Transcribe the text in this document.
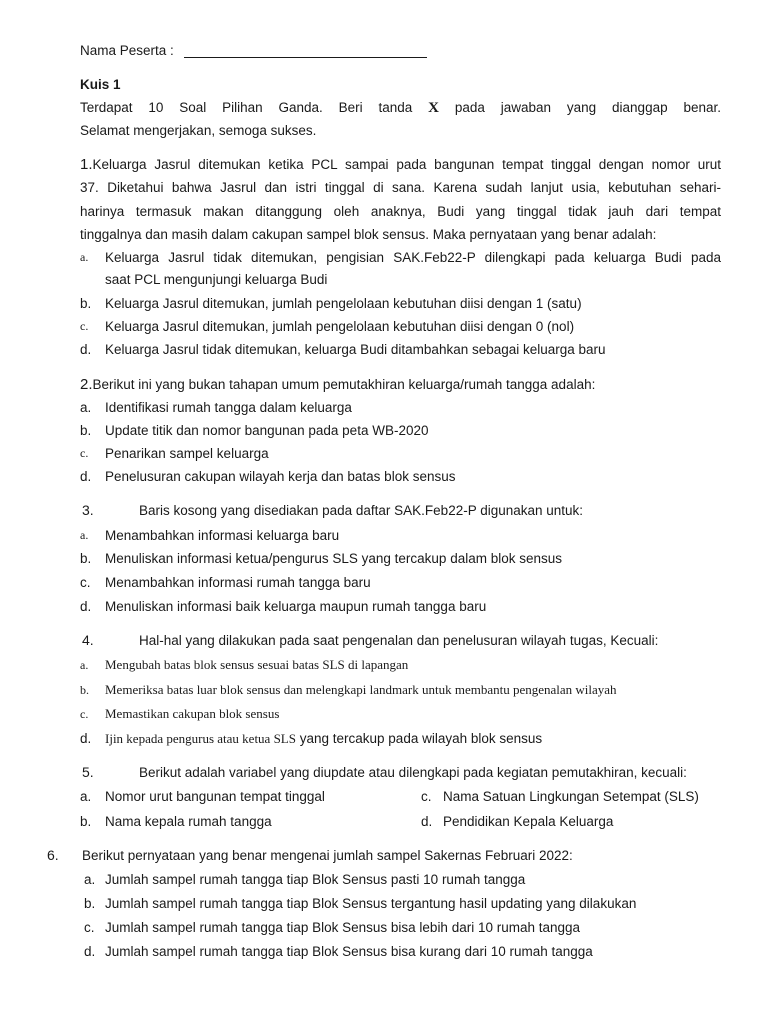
Nama Peserta :
Kuis 1
Terdapat 10 Soal Pilihan Ganda. Beri tanda X pada jawaban yang dianggap benar.
Selamat mengerjakan, semoga sukses.
1.Keluarga Jasrul ditemukan ketika PCL sampai pada bangunan tempat tinggal dengan nomor urut
37. Diketahui bahwa Jasrul dan istri tinggal di sana. Karena sudah lanjut usia, kebutuhan sehari-
harinya termasuk makan ditanggung oleh anaknya, Budi yang tinggal tidak jauh dari tempat
tinggalnya dan masih dalam cakupan sampel blok sensus. Maka pernyataan yang benar adalah:
a. Keluarga Jasrul tidak ditemukan, pengisian SAK.Feb22-P dilengkapi pada keluarga Budi pada
saat PCL mengunjungi keluarga Budi
b. Keluarga Jasrul ditemukan, jumlah pengelolaan kebutuhan diisi dengan 1 (satu)
c. Keluarga Jasrul ditemukan, jumlah pengelolaan kebutuhan diisi dengan 0 (nol)
d. Keluarga Jasrul tidak ditemukan, keluarga Budi ditambahkan sebagai keluarga baru
2.Berikut ini yang bukan tahapan umum pemutakhiran keluarga/rumah tangga adalah:
a. Identifikasi rumah tangga dalam keluarga
b. Update titik dan nomor bangunan pada peta WB-2020
c. Penarikan sampel keluarga
d. Penelusuran cakupan wilayah kerja dan batas blok sensus
3.	Baris kosong yang disediakan pada daftar SAK.Feb22-P digunakan untuk:
a. Menambahkan informasi keluarga baru
b. Menuliskan informasi ketua/pengurus SLS yang tercakup dalam blok sensus
c. Menambahkan informasi rumah tangga baru
d. Menuliskan informasi baik keluarga maupun rumah tangga baru
4.	Hal-hal yang dilakukan pada saat pengenalan dan penelusuran wilayah tugas, Kecuali:
a. Mengubah batas blok sensus sesuai batas SLS di lapangan
b. Memeriksa batas luar blok sensus dan melengkapi landmark untuk membantu pengenalan wilayah
c. Memastikan cakupan blok sensus
d. Ijin kepada pengurus atau ketua SLS yang tercakup pada wilayah blok sensus
5.	Berikut adalah variabel yang diupdate atau dilengkapi pada kegiatan pemutakhiran, kecuali:
a. Nomor urut bangunan tempat tinggal	c. Nama Satuan Lingkungan Setempat (SLS)
b. Nama kepala rumah tangga	d. Pendidikan Kepala Keluarga
6. Berikut pernyataan yang benar mengenai jumlah sampel Sakernas Februari 2022:
a. Jumlah sampel rumah tangga tiap Blok Sensus pasti 10 rumah tangga
b. Jumlah sampel rumah tangga tiap Blok Sensus tergantung hasil updating yang dilakukan
c. Jumlah sampel rumah tangga tiap Blok Sensus bisa lebih dari 10 rumah tangga
d. Jumlah sampel rumah tangga tiap Blok Sensus bisa kurang dari 10 rumah tangga
